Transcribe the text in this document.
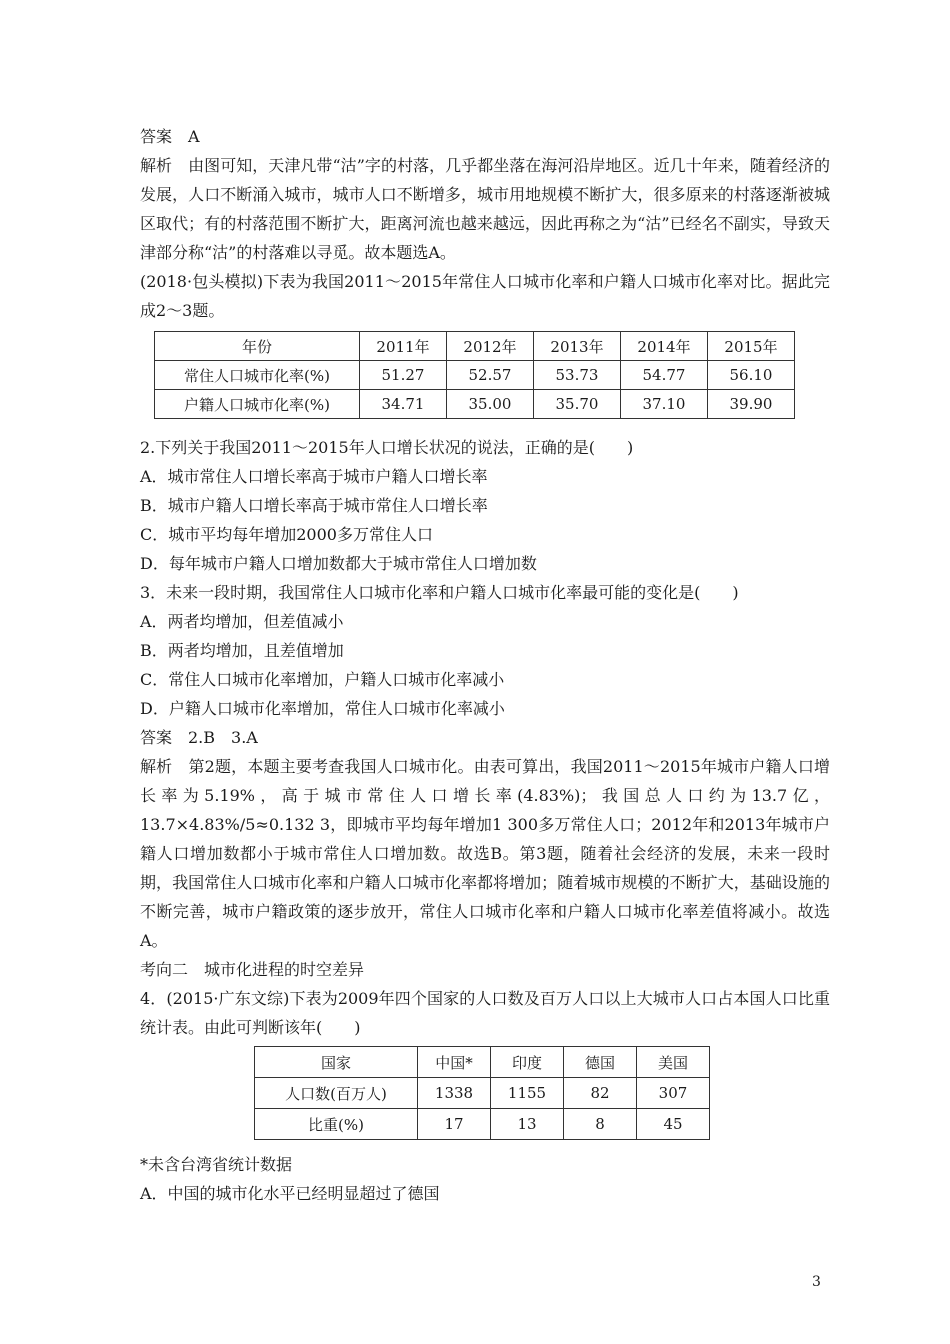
答案　A

解析　由图可知，天津凡带“沽”字的村落，几乎都坐落在海河沿岸地区。近几十年来，随着经济的发展，人口不断涌入城市，城市人口不断增多，城市用地规模不断扩大，很多原来的村落逐渐被城区取代；有的村落范围不断扩大，距离河流也越来越远，因此再称之为“沽”已经名不副实，导致天津部分称“沽”的村落难以寻觅。故本题选A。

(2018·包头模拟)下表为我国2011～2015年常住人口城市化率和户籍人口城市化率对比。据此完成2～3题。

年份	2011年	2012年	2013年	2014年	2015年
常住人口城市化率(%)	51.27	52.57	53.73	54.77	56.10
户籍人口城市化率(%)	34.71	35.00	35.70	37.10	39.90

2.下列关于我国2011～2015年人口增长状况的说法，正确的是(　　)

A．城市常住人口增长率高于城市户籍人口增长率

B．城市户籍人口增长率高于城市常住人口增长率

C．城市平均每年增加2000多万常住人口

D．每年城市户籍人口增加数都大于城市常住人口增加数

3．未来一段时期，我国常住人口城市化率和户籍人口城市化率最可能的变化是(　　)

A．两者均增加，但差值减小

B．两者均增加，且差值增加

C．常住人口城市化率增加，户籍人口城市化率减小

D．户籍人口城市化率增加，常住人口城市化率减小

答案　2.B　3.A

解析　第2题，本题主要考查我国人口城市化。由表可算出，我国2011～2015年城市户籍人口增长率为5.19%，高于城市常住人口增长率(4.83%)；我国总人口约为13.7亿，13.7×4.83%/5≈0.132 3，即城市平均每年增加1 300多万常住人口；2012年和2013年城市户籍人口增加数都小于城市常住人口增加数。故选B。第3题，随着社会经济的发展，未来一段时期，我国常住人口城市化率和户籍人口城市化率都将增加；随着城市规模的不断扩大，基础设施的不断完善，城市户籍政策的逐步放开，常住人口城市化率和户籍人口城市化率差值将减小。故选A。

考向二　城市化进程的时空差异

4．(2015·广东文综)下表为2009年四个国家的人口数及百万人口以上大城市人口占本国人口比重统计表。由此可判断该年(　　)

国家	中国*	印度	德国	美国
人口数(百万人)	1338	1155	82	307
比重(%)	17	13	8	45

*未含台湾省统计数据

A．中国的城市化水平已经明显超过了德国

3
